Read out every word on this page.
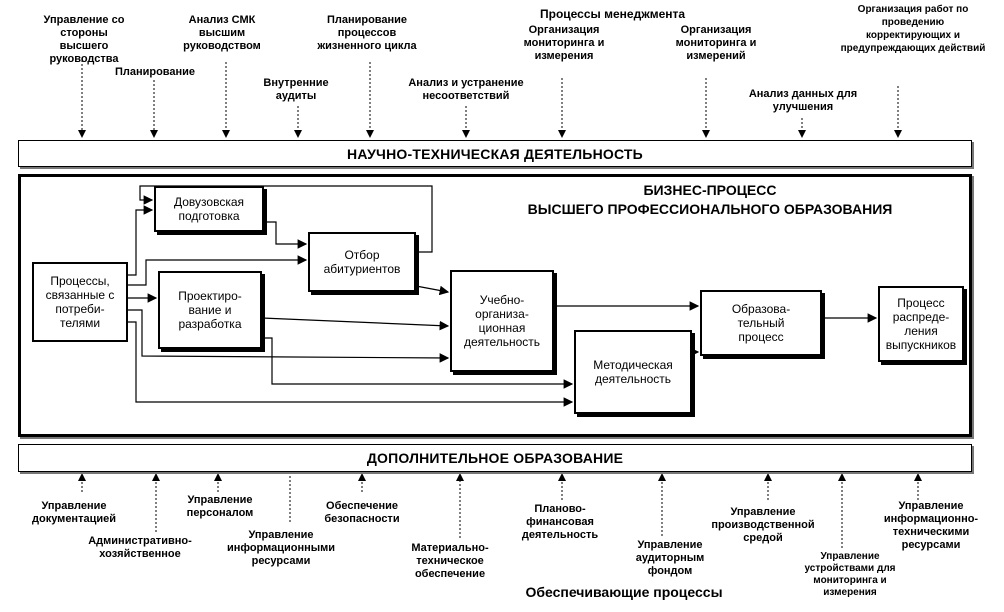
Процессы менеджмента
Управление со
стороны высшего
руководства
Планирование
Анализ СМК
высшим
руководством
Внутренние
аудиты
Планирование
процессов
жизненного цикла
Анализ и устранение
несоответствий
Организация
мониторинга и
измерения
Организация
мониторинга и
измерений
Анализ данных для
улучшения
Организация работ по
проведению
корректирующих и
предупреждающих действий
НАУЧНО-ТЕХНИЧЕСКАЯ ДЕЯТЕЛЬНОСТЬ
БИЗНЕС-ПРОЦЕСС
ВЫСШЕГО ПРОФЕССИОНАЛЬНОГО ОБРАЗОВАНИЯ
Процессы,
связанные с
потреби-
телями
Довузовская
подготовка
Проектиро-
вание и
разработка
Отбор
абитуриентов
Учебно-
организа-
ционная
деятельность
Методическая
деятельность
Образова-
тельный
процесс
Процесс
распреде-
ления
выпускников
ДОПОЛНИТЕЛЬНОЕ ОБРАЗОВАНИЕ
Управление
документацией
Административно-
хозяйственное
Управление
персоналом
Управление
информационными
ресурсами
Обеспечение
безопасности
Материально-
техническое
обеспечение
Планово-
финансовая
деятельность
Управление
аудиторным фондом
Управление
производственной
средой
Управление
устройствами для
мониторинга и
измерения
Управление
информационно-
техническими ресурсами
Обеспечивающие процессы
